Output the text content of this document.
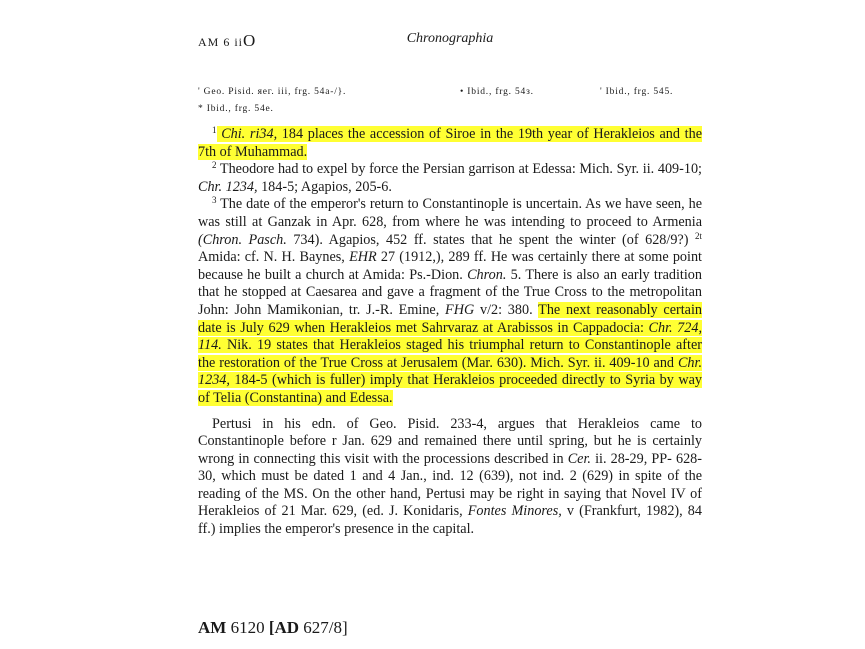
AM 6 iiO	Chronographia
' Geo. Pisid. яег. iii, frg. 54a-/}.	• Ibid., frg. 54з.	' Ibid., frg. 545.
* Ibid., frg. 54e.

$^1$ Chi. ri34, 184 places the accession of Siroe in the 19th year of Herakleios and the 7th of Muhammad.

$^2$ Theodore had to expel by force the Persian garrison at Edessa: Mich. Syr. ii. 409-10; Chr. 1234, 184-5; Agapios, 205-6.

$^3$ The date of the emperor's return to Constantinople is uncertain. As we have seen, he was still at Ganzak in Apr. 628, from where he was intending to proceed to Armenia (Chron. Pasch. 734). Agapios, 452 ff. states that he spent the winter (of 628/9?) $^{2t}$ Amida: cf. N. H. Baynes, EHR 27 (1912,), 289 ff. He was certainly there at some point because he built a church at Amida: Ps.-Dion. Chron. 5. There is also an early tradition that he stopped at Caesarea and gave a fragment of the True Cross to the metropolitan John: John Mamikonian, tr. J.-R. Emine, FHG v/2: 380. The next reasonably certain date is July 629 when Herakleios met Sahrvaraz at Arabissos in Cappadocia: Chr. 724, 114. Nik. 19 states that Herakleios staged his triumphal return to Constantinople after the restoration of the True Cross at Jerusalem (Mar. 630). Mich. Syr. ii. 409-10 and Chr. 1234, 184-5 (which is fuller) imply that Herakleios proceeded directly to Syria by way of Telia (Constantina) and Edessa.

Pertusi in his edn. of Geo. Pisid. 233-4, argues that Herakleios came to Constantinople before r Jan. 629 and remained there until spring, but he is certainly wrong in connecting this visit with the processions described in Cer. ii. 28-29, PP- 628-30, which must be dated 1 and 4 Jan., ind. 12 (639), not ind. 2 (629) in spite of the reading of the MS. On the other hand, Pertusi may be right in saying that Novel IV of Herakleios of 21 Mar. 629, (ed. J. Konidaris, Fontes Minores, v (Frankfurt, 1982), 84 ff.) implies the emperor's presence in the capital.

AM 6120 [AD 627/8]
